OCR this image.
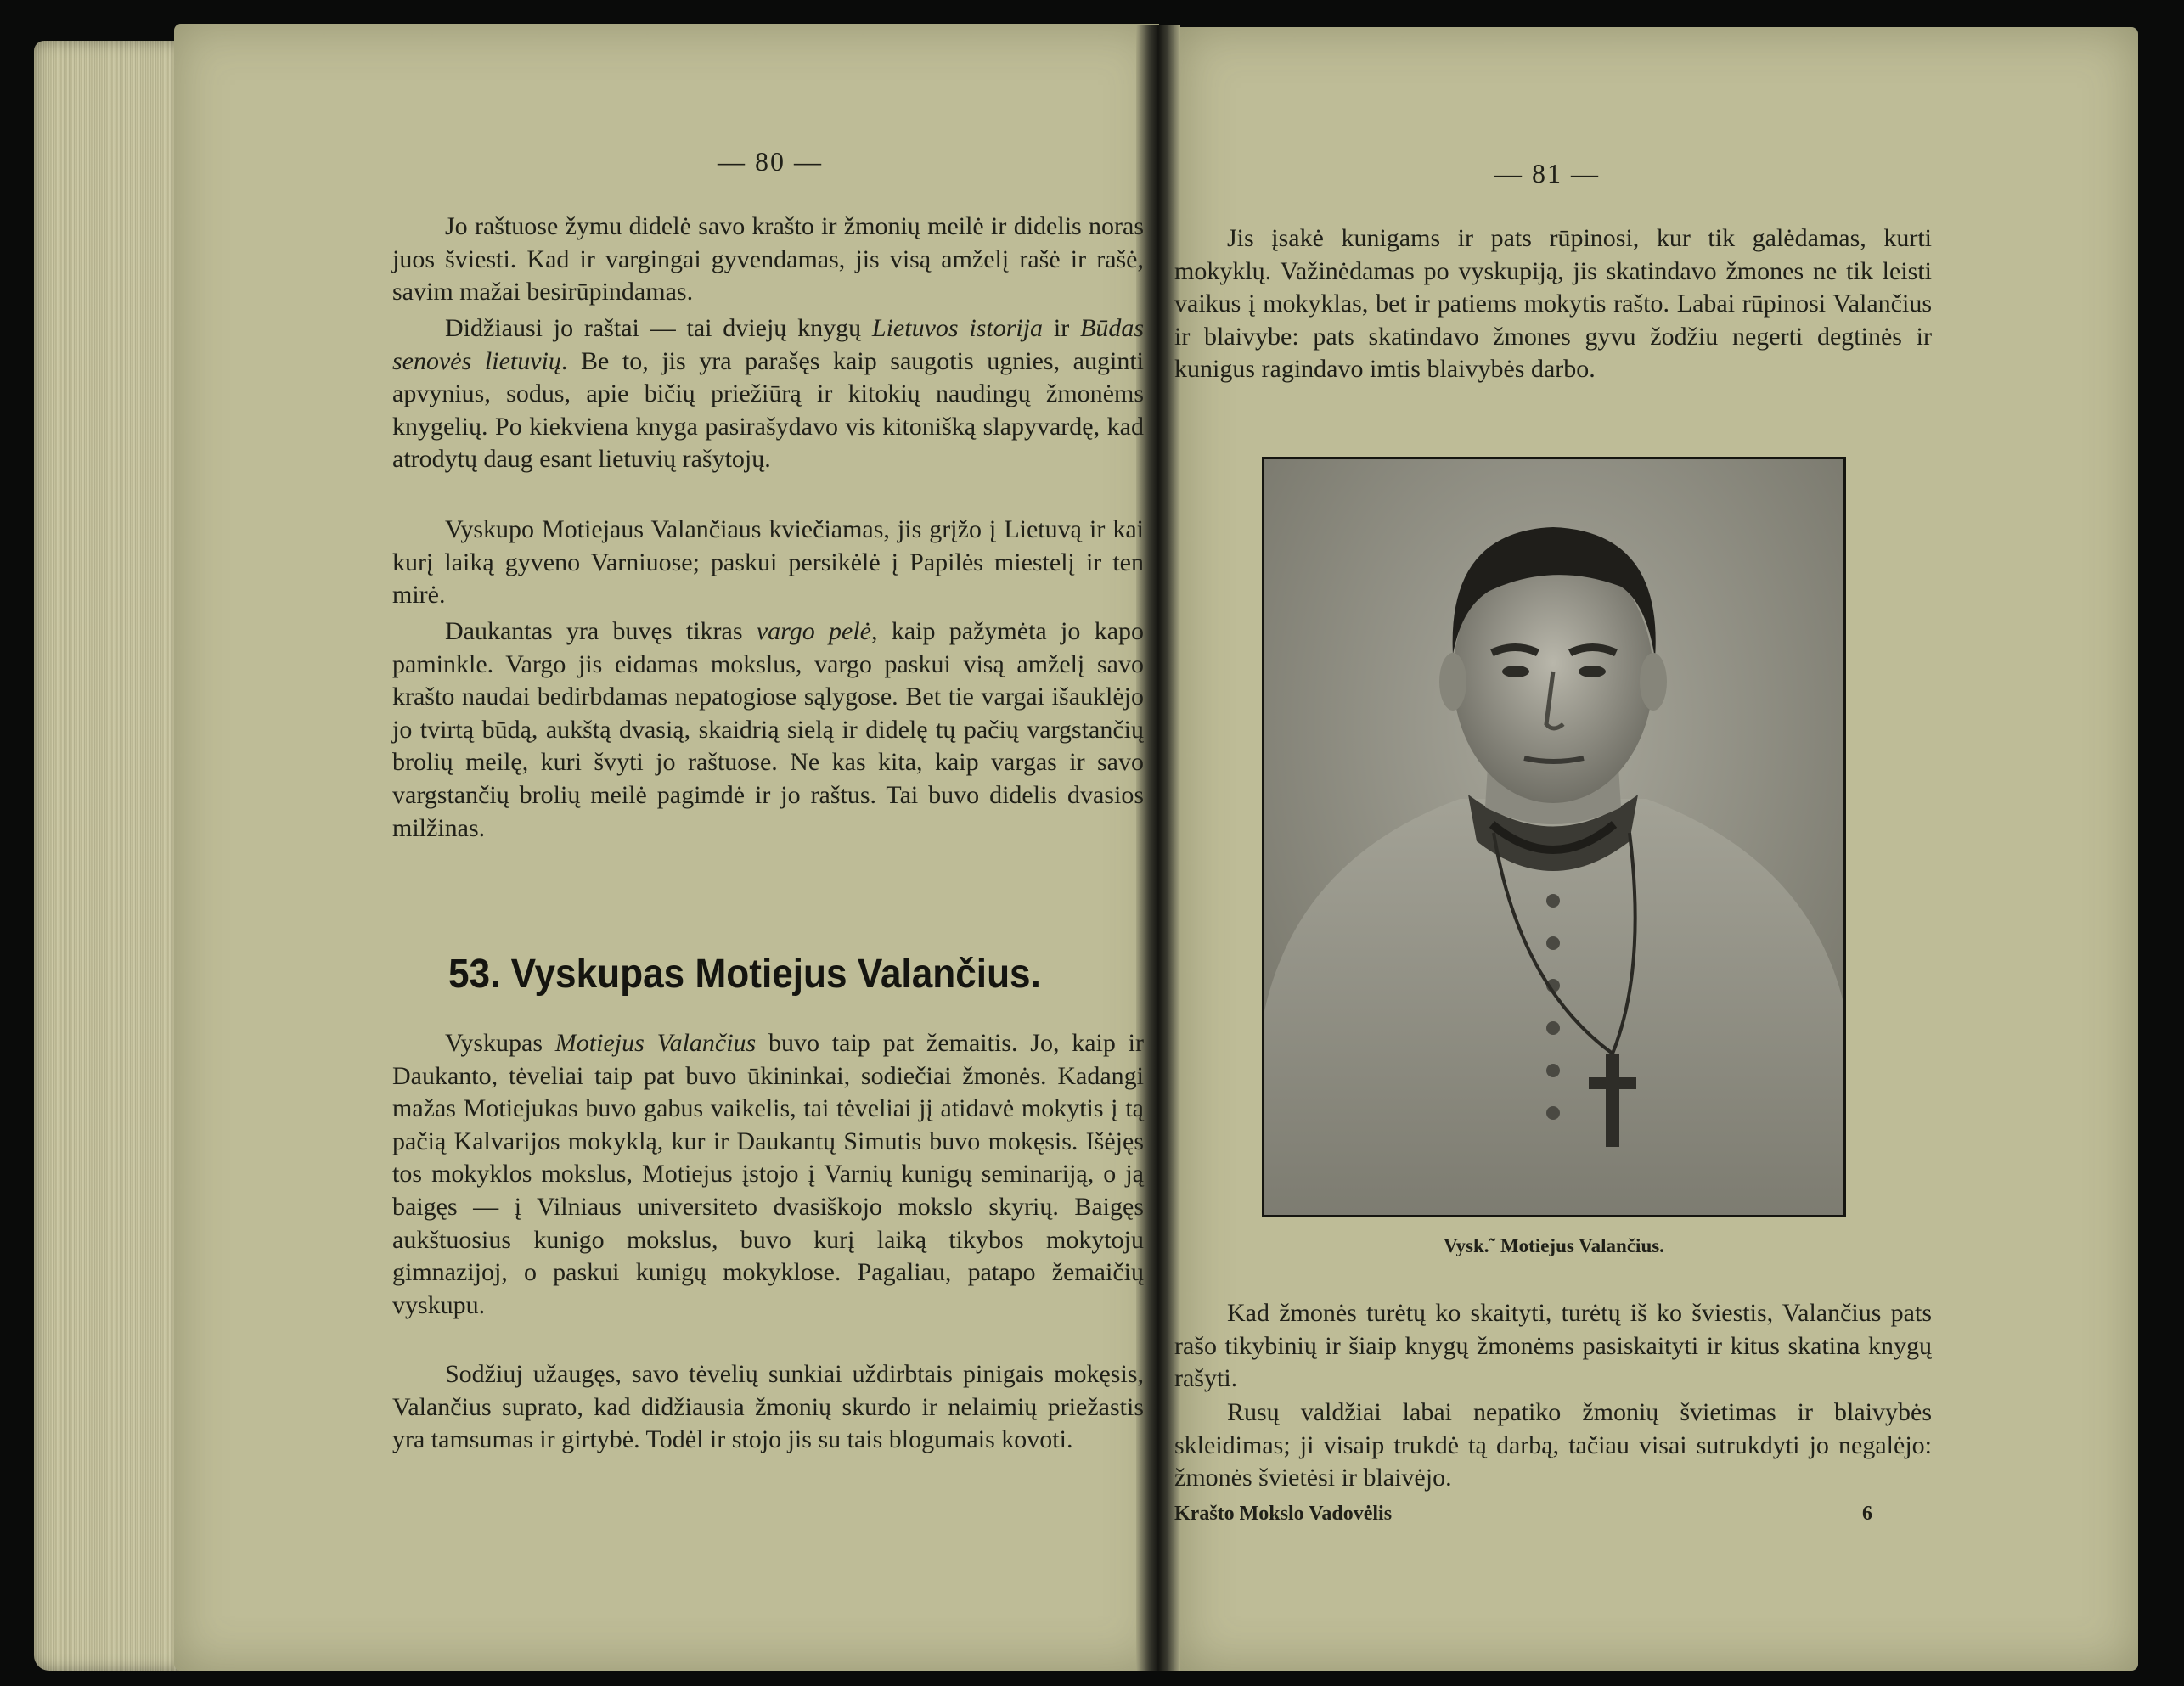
— 80 —

Jo raštuose žymu didelė savo krašto ir žmonių meilė ir didelis noras juos šviesti. Kad ir vargingai gyvendamas, jis visą amželį rašė ir rašė, savim mažai besirūpindamas.

Didžiausi jo raštai — tai dviejų knygų Lietuvos istorija ir Būdas senovės lietuvių. Be to, jis yra parašęs kaip saugotis ugnies, auginti apvynius, sodus, apie bičių priežiūrą ir kitokių naudingų žmonėms knygelių. Po kiekviena knyga pasirašydavo vis kitonišką slapyvardę, kad atrodytų daug esant lietuvių rašytojų.

Vyskupo Motiejaus Valančiaus kviečiamas, jis grįžo į Lietuvą ir kai kurį laiką gyveno Varniuose; paskui persikėlė į Papilės miestelį ir ten mirė.

Daukantas yra buvęs tikras vargo pelė, kaip pažymėta jo kapo paminkle. Vargo jis eidamas mokslus, vargo paskui visą amželį savo krašto naudai bedirbdamas nepatogiose sąlygose. Bet tie vargai išauklėjo jo tvirtą būdą, aukštą dvasią, skaidrią sielą ir didelę tų pačių vargstančių brolių meilę, kuri švyti jo raštuose. Ne kas kita, kaip vargas ir savo vargstančių brolių meilė pagimdė ir jo raštus. Tai buvo didelis dvasios milžinas.

53. Vyskupas Motiejus Valančius.

Vyskupas Motiejus Valančius buvo taip pat žemaitis. Jo, kaip ir Daukanto, tėveliai taip pat buvo ūkininkai, sodiečiai žmonės. Kadangi mažas Motiejukas buvo gabus vaikelis, tai tėveliai jį atidavė mokytis į tą pačią Kalvarijos mokyklą, kur ir Daukantų Simutis buvo mokęsis. Išėjęs tos mokyklos mokslus, Motiejus įstojo į Varnių kunigų seminariją, o ją baigęs — į Vilniaus universiteto dvasiškojo mokslo skyrių. Baigęs aukštuosius kunigo mokslus, buvo kurį laiką tikybos mokytoju gimnazijoj, o paskui kunigų mokyklose. Pagaliau, patapo žemaičių vyskupu.

Sodžiuj užaugęs, savo tėvelių sunkiai uždirbtais pinigais mokęsis, Valančius suprato, kad didžiausia žmonių skurdo ir nelaimių priežastis yra tamsumas ir girtybė. Todėl ir stojo jis su tais blogumais kovoti.

— 81 —

Jis įsakė kunigams ir pats rūpinosi, kur tik galėdamas, kurti mokyklų. Važinėdamas po vyskupiją, jis skatindavo žmones ne tik leisti vaikus į mokyklas, bet ir patiems mokytis rašto. Labai rūpinosi Valančius ir blaivybe: pats skatindavo žmones gyvu žodžiu negerti degtinės ir kunigus ragindavo imtis blaivybės darbo.

Vysk.˜ Motiejus Valančius.

Kad žmonės turėtų ko skaityti, turėtų iš ko šviestis, Valančius pats rašo tikybinių ir šiaip knygų žmonėms pasiskaityti ir kitus skatina knygų rašyti.

Rusų valdžiai labai nepatiko žmonių švietimas ir blaivybės skleidimas; ji visaip trukdė tą darbą, tačiau visai sutrukdyti jo negalėjo: žmonės švietėsi ir blaivėjo.

Krašto Mokslo Vadovėlis	6
